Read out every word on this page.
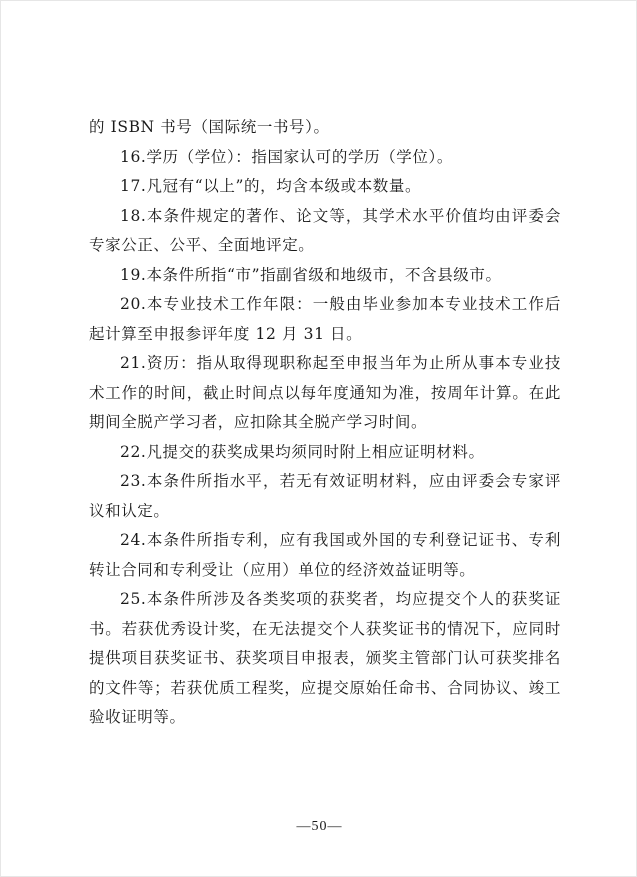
的 ISBN 书号（国际统一书号）。

16.学历（学位）：指国家认可的学历（学位）。

17.凡冠有“以上”的，均含本级或本数量。

18.本条件规定的著作、论文等，其学术水平价值均由评委会专家公正、公平、全面地评定。

19.本条件所指“市”指副省级和地级市，不含县级市。

20.本专业技术工作年限：一般由毕业参加本专业技术工作后起计算至申报参评年度 12 月 31 日。

21.资历：指从取得现职称起至申报当年为止所从事本专业技术工作的时间，截止时间点以每年度通知为准，按周年计算。在此期间全脱产学习者，应扣除其全脱产学习时间。

22.凡提交的获奖成果均须同时附上相应证明材料。

23.本条件所指水平，若无有效证明材料，应由评委会专家评议和认定。

24.本条件所指专利，应有我国或外国的专利登记证书、专利转让合同和专利受让（应用）单位的经济效益证明等。

25.本条件所涉及各类奖项的获奖者，均应提交个人的获奖证书。若获优秀设计奖，在无法提交个人获奖证书的情况下，应同时提供项目获奖证书、获奖项目申报表，颁奖主管部门认可获奖排名的文件等；若获优质工程奖，应提交原始任命书、合同协议、竣工验收证明等。

—50—
